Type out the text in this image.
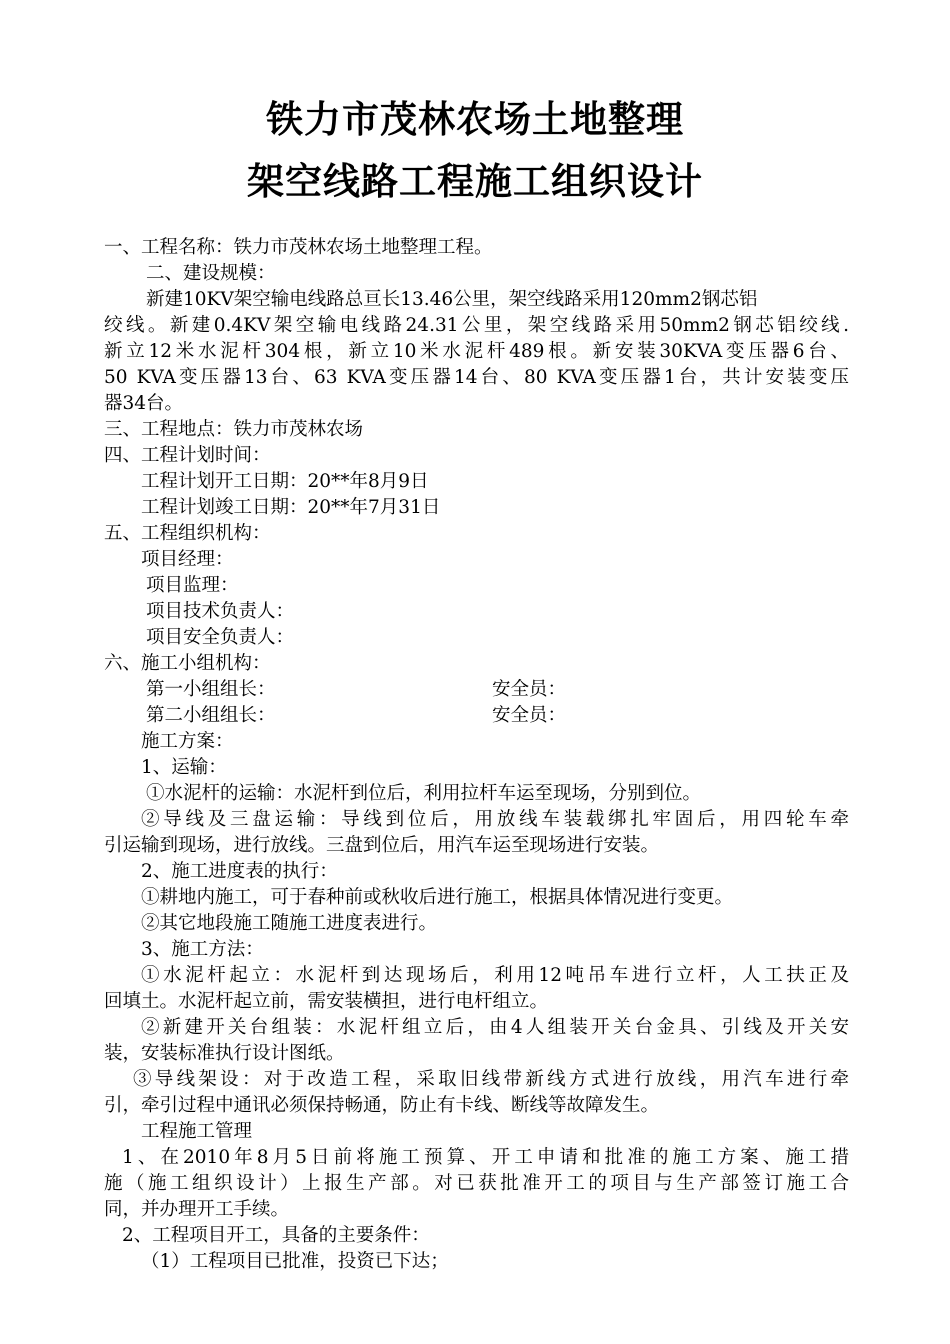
铁力市茂林农场土地整理
架空线路工程施工组织设计
一、工程名称：铁力市茂林农场土地整理工程。
二、建设规模：
新建10KV架空输电线路总亘长13.46公里，架空线路采用120mm2钢芯铝
绞线。新建0.4KV架空输电线路24.31公里，架空线路采用50mm2钢芯铝绞线.
新立12米水泥杆304根，新立10米水泥杆489根。新安装30KVA变压器6台、
50 KVA变压器13台、63 KVA变压器14台、80 KVA变压器1台，共计安装变压
器34台。
三、工程地点：铁力市茂林农场
四、工程计划时间：
工程计划开工日期：20**年8月9日
工程计划竣工日期：20**年7月31日
五、工程组织机构：
项目经理：
项目监理：
项目技术负责人：
项目安全负责人：
六、施工小组机构：
第一小组组长：	安全员：
第二小组组长：	安全员：
施工方案：
1、运输：
①水泥杆的运输：水泥杆到位后，利用拉杆车运至现场，分别到位。
②导线及三盘运输：导线到位后，用放线车装载绑扎牢固后，用四轮车牵
引运输到现场，进行放线。三盘到位后，用汽车运至现场进行安装。
2、施工进度表的执行：
①耕地内施工，可于春种前或秋收后进行施工，根据具体情况进行变更。
②其它地段施工随施工进度表进行。
3、施工方法：
①水泥杆起立：水泥杆到达现场后，利用12吨吊车进行立杆，人工扶正及
回填土。水泥杆起立前，需安装横担，进行电杆组立。
②新建开关台组装：水泥杆组立后，由4人组装开关台金具、引线及开关安
装，安装标准执行设计图纸。
③导线架设：对于改造工程，采取旧线带新线方式进行放线，用汽车进行牵
引，牵引过程中通讯必须保持畅通，防止有卡线、断线等故障发生。
工程施工管理
1、在2010年8月5日前将施工预算、开工申请和批准的施工方案、施工措
施（施工组织设计）上报生产部。对已获批准开工的项目与生产部签订施工合
同，并办理开工手续。
2、工程项目开工，具备的主要条件：
（1）工程项目已批准，投资已下达；
